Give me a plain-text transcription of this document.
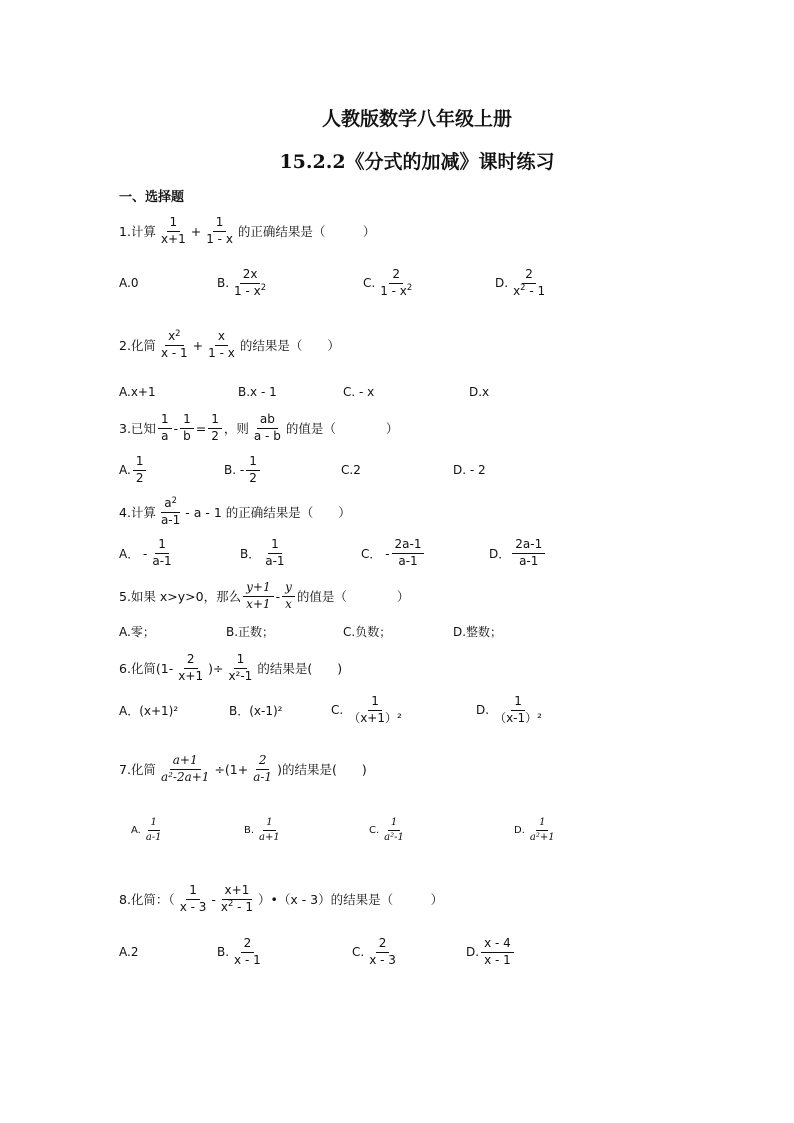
人教版数学八年级上册
15.2.2《分式的加减》课时练习
一、选择题
1.计算 $\frac{1}{x+1} + \frac{1}{1 - x}$ 的正确结果是（　　　）
A.0	B. $\frac{2x}{1 - x^2}$	C. $\frac{2}{1 - x^2}$	D. $\frac{2}{x^2 - 1}$
2.化简 $\frac{x^2}{x - 1} + \frac{x}{1 - x}$ 的结果是（　　）
A.x+1	B.x - 1	C. - x	D.x
3.已知 $\frac{1}{a} - \frac{1}{b} = \frac{1}{2}$ ，则 $\frac{ab}{a - b}$ 的值是（　　　　）
A. $\frac{1}{2}$	B. - $\frac{1}{2}$	C.2	D. - 2
4.计算 $\frac{a^2}{a-1}$ - a - 1 的正确结果是（　　）
A． - $\frac{1}{a-1}$	B． $\frac{1}{a-1}$	C． - $\frac{2a-1}{a-1}$	D． $\frac{2a-1}{a-1}$
5.如果 x>y>0，那么 $\frac{y+1}{x+1} - \frac{y}{x}$ 的值是（　　　　）
A.零；	B.正数；	C.负数；	D.整数；
6.化简($1- \frac{2}{x+1}$ )÷ $\frac{1}{\text{x²-1}}$ 的结果是(　　)
A．(x+1)²	B．(x-1)²	C. $\frac{1}{\text{（x+1）²}}$	D. $\frac{1}{\text{（x-1）²}}$
7.化简 $\frac{a+1}{\text{a²-2a+1}} \div(1+ \frac{2}{a-1}$ )的结果是(　　)
A. $\frac{1}{a-1}$	B. $\frac{1}{a+1}$	C. $\frac{1}{\text{a²-1}}$	D. $\frac{1}{\text{a²+1}}$
8.化简：（ $\frac{1}{x - 3} - \frac{x+1}{x^2 - 1}$ ）•（x - 3）的结果是（　　　）
A.2	B. $\frac{2}{x - 1}$	C. $\frac{2}{x - 3}$	D. $\frac{x - 4}{x - 1}$
